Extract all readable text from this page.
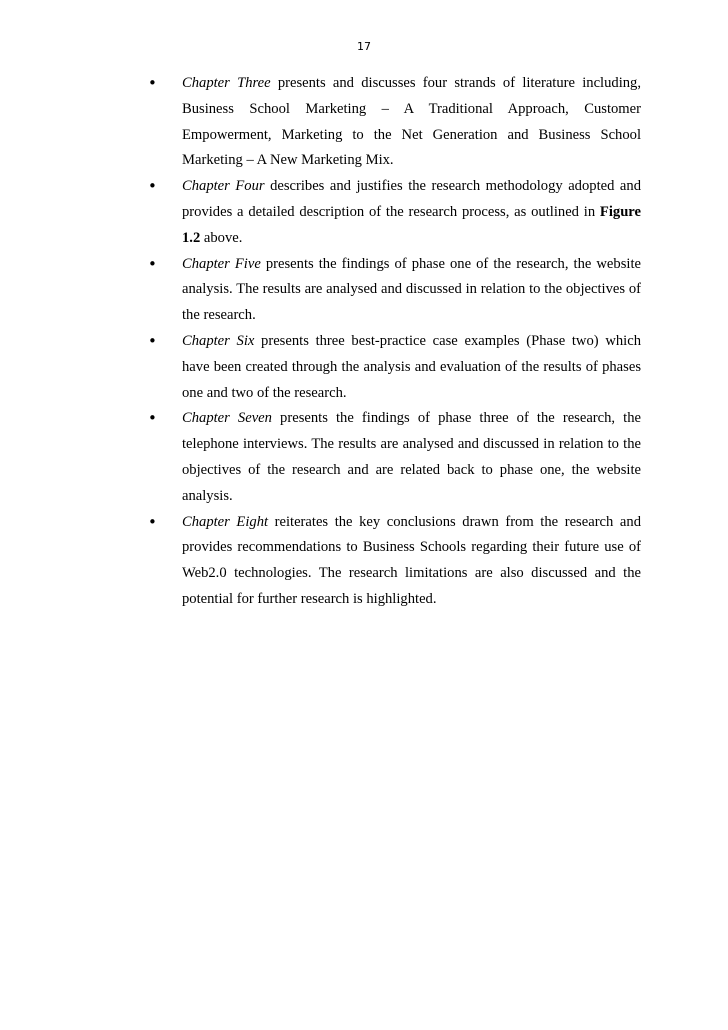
17
• Chapter Three presents and discusses four strands of literature including, Business School Marketing – A Traditional Approach, Customer Empowerment, Marketing to the Net Generation and Business School Marketing – A New Marketing Mix.
• Chapter Four describes and justifies the research methodology adopted and provides a detailed description of the research process, as outlined in Figure 1.2 above.
• Chapter Five presents the findings of phase one of the research, the website analysis. The results are analysed and discussed in relation to the objectives of the research.
• Chapter Six presents three best-practice case examples (Phase two) which have been created through the analysis and evaluation of the results of phases one and two of the research.
• Chapter Seven presents the findings of phase three of the research, the telephone interviews. The results are analysed and discussed in relation to the objectives of the research and are related back to phase one, the website analysis.
• Chapter Eight reiterates the key conclusions drawn from the research and provides recommendations to Business Schools regarding their future use of Web2.0 technologies. The research limitations are also discussed and the potential for further research is highlighted.
